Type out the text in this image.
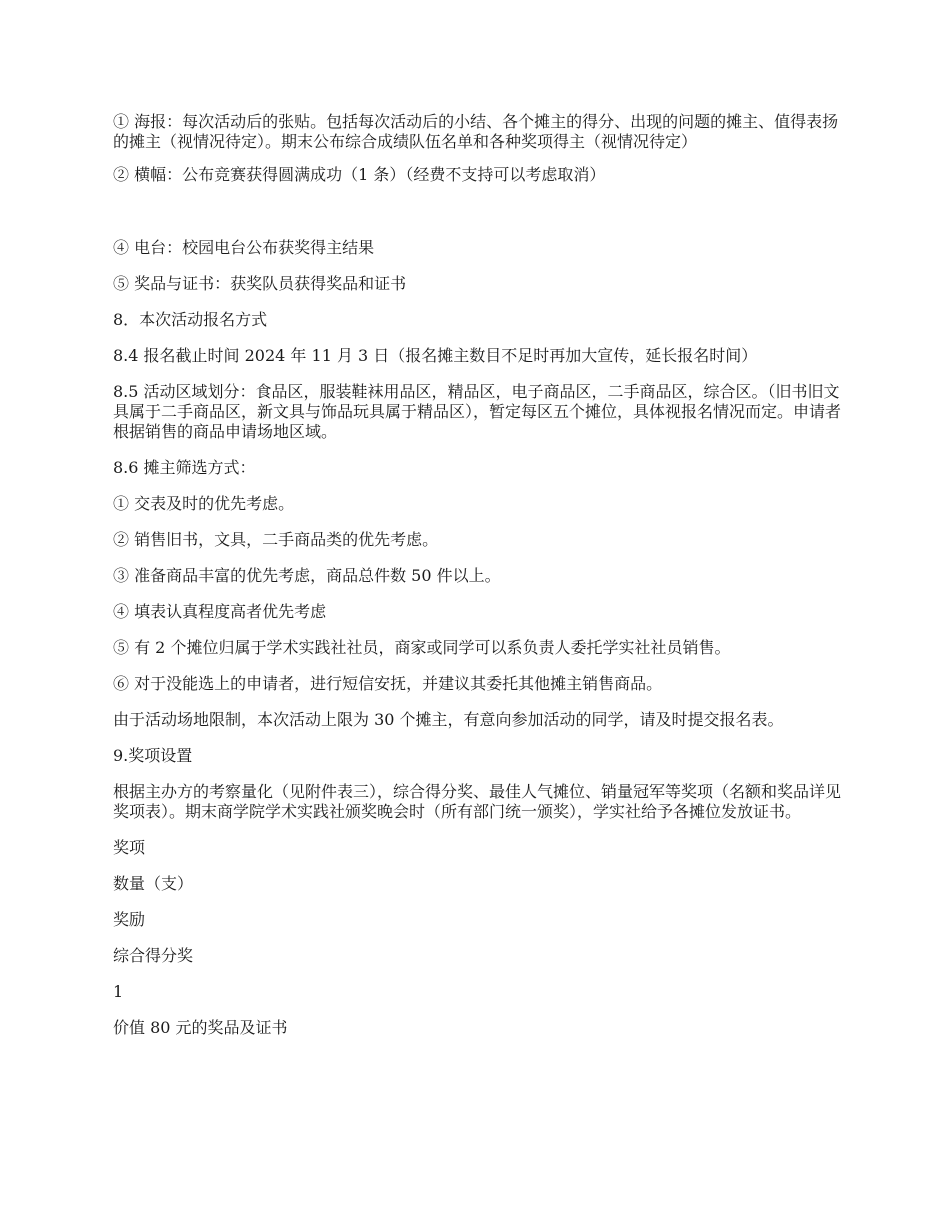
① 海报：每次活动后的张贴。包括每次活动后的小结、各个摊主的得分、出现的问题的摊主、值得表扬的摊主（视情况待定）。期末公布综合成绩队伍名单和各种奖项得主（视情况待定）

② 横幅：公布竞赛获得圆满成功（1 条）（经费不支持可以考虑取消）

④ 电台：校园电台公布获奖得主结果

⑤ 奖品与证书：获奖队员获得奖品和证书

8．本次活动报名方式

8.4 报名截止时间 2024 年 11 月 3 日（报名摊主数目不足时再加大宣传，延长报名时间）

8.5 活动区域划分：食品区，服装鞋袜用品区，精品区，电子商品区，二手商品区，综合区。（旧书旧文具属于二手商品区，新文具与饰品玩具属于精品区），暂定每区五个摊位，具体视报名情况而定。申请者根据销售的商品申请场地区域。

8.6 摊主筛选方式：

① 交表及时的优先考虑。

② 销售旧书，文具，二手商品类的优先考虑。

③ 准备商品丰富的优先考虑，商品总件数 50 件以上。

④ 填表认真程度高者优先考虑

⑤ 有 2 个摊位归属于学术实践社社员，商家或同学可以系负责人委托学实社社员销售。

⑥ 对于没能选上的申请者，进行短信安抚，并建议其委托其他摊主销售商品。

由于活动场地限制，本次活动上限为 30 个摊主，有意向参加活动的同学，请及时提交报名表。

9.奖项设置

根据主办方的考察量化（见附件表三），综合得分奖、最佳人气摊位、销量冠军等奖项（名额和奖品详见奖项表）。期末商学院学术实践社颁奖晚会时（所有部门统一颁奖），学实社给予各摊位发放证书。

奖项

数量（支）

奖励

综合得分奖

1

价值 80 元的奖品及证书
